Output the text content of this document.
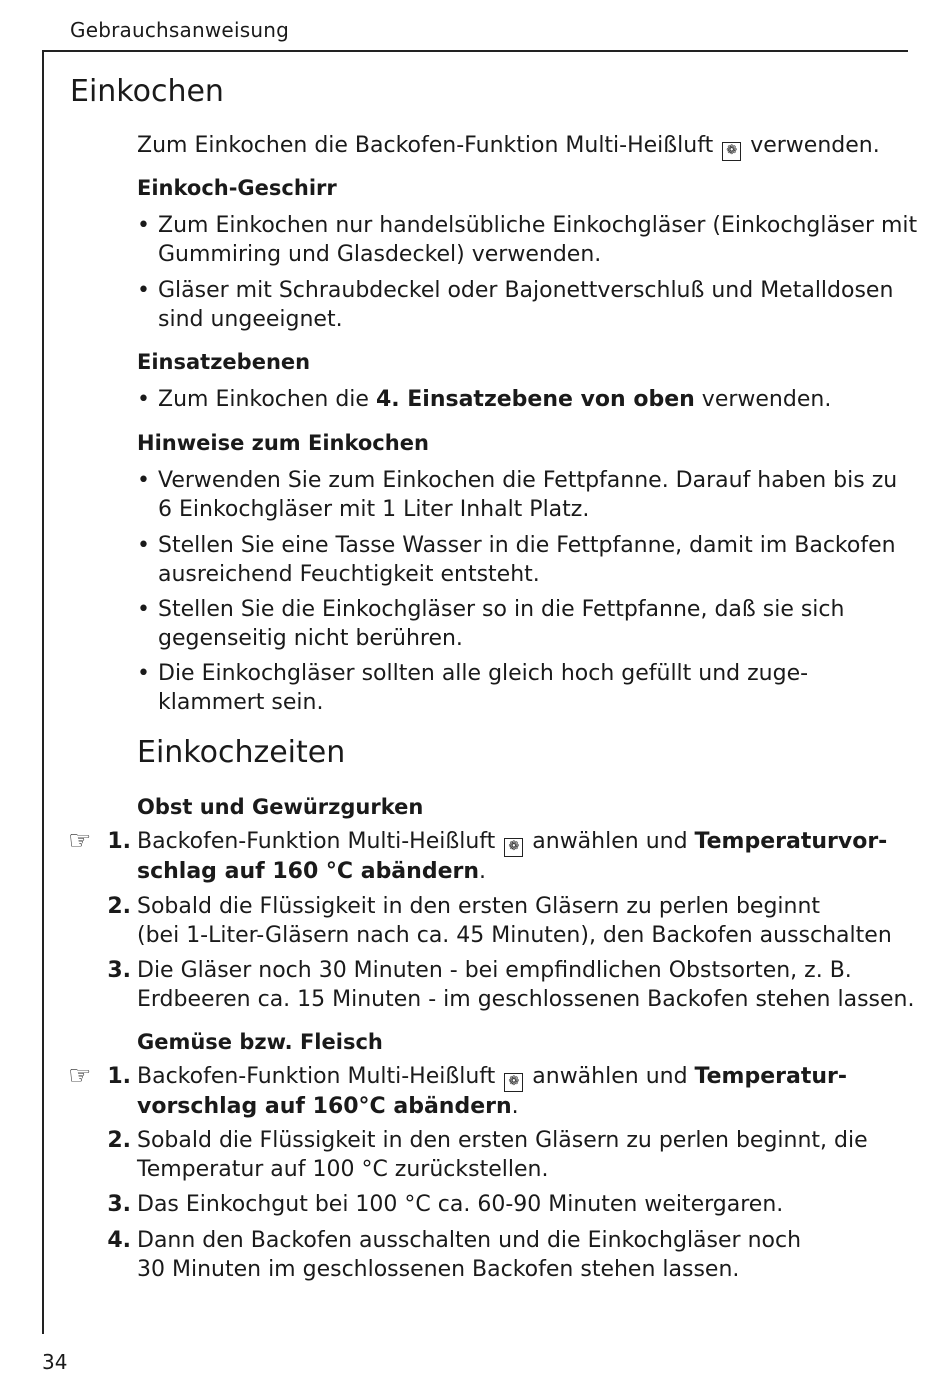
Gebrauchsanweisung
Einkochen

Zum Einkochen die Backofen-Funktion Multi-Heißluft ❁ verwenden.

Einkoch-Geschirr
• Zum Einkochen nur handelsübliche Einkochgläser (Einkochgläser mit
Gummiring und Glasdeckel) verwenden.
• Gläser mit Schraubdeckel oder Bajonettverschluß und Metalldosen
sind ungeeignet.
Einsatzebenen
• Zum Einkochen die 4. Einsatzebene von oben verwenden.
Hinweise zum Einkochen
• Verwenden Sie zum Einkochen die Fettpfanne. Darauf haben bis zu
6 Einkochgläser mit 1 Liter Inhalt Platz.
• Stellen Sie eine Tasse Wasser in die Fettpfanne, damit im Backofen
ausreichend Feuchtigkeit entsteht.
• Stellen Sie die Einkochgläser so in die Fettpfanne, daß sie sich
gegenseitig nicht berühren.
• Die Einkochgläser sollten alle gleich hoch gefüllt und zuge-
klammert sein.
Einkochzeiten
Obst und Gewürzgurken
☞ 1. Backofen-Funktion Multi-Heißluft ❁ anwählen und Temperaturvor-
schlag auf 160 °C abändern.
2. Sobald die Flüssigkeit in den ersten Gläsern zu perlen beginnt
(bei 1-Liter-Gläsern nach ca. 45 Minuten), den Backofen ausschalten
3. Die Gläser noch 30 Minuten - bei empfindlichen Obstsorten, z. B.
Erdbeeren ca. 15 Minuten - im geschlossenen Backofen stehen lassen.
Gemüse bzw. Fleisch
☞ 1. Backofen-Funktion Multi-Heißluft ❁ anwählen und Temperatur-
vorschlag auf 160°C abändern.
2. Sobald die Flüssigkeit in den ersten Gläsern zu perlen beginnt, die
Temperatur auf 100 °C zurückstellen.
3. Das Einkochgut bei 100 °C ca. 60-90 Minuten weitergaren.
4. Dann den Backofen ausschalten und die Einkochgläser noch
30 Minuten im geschlossenen Backofen stehen lassen.
34
